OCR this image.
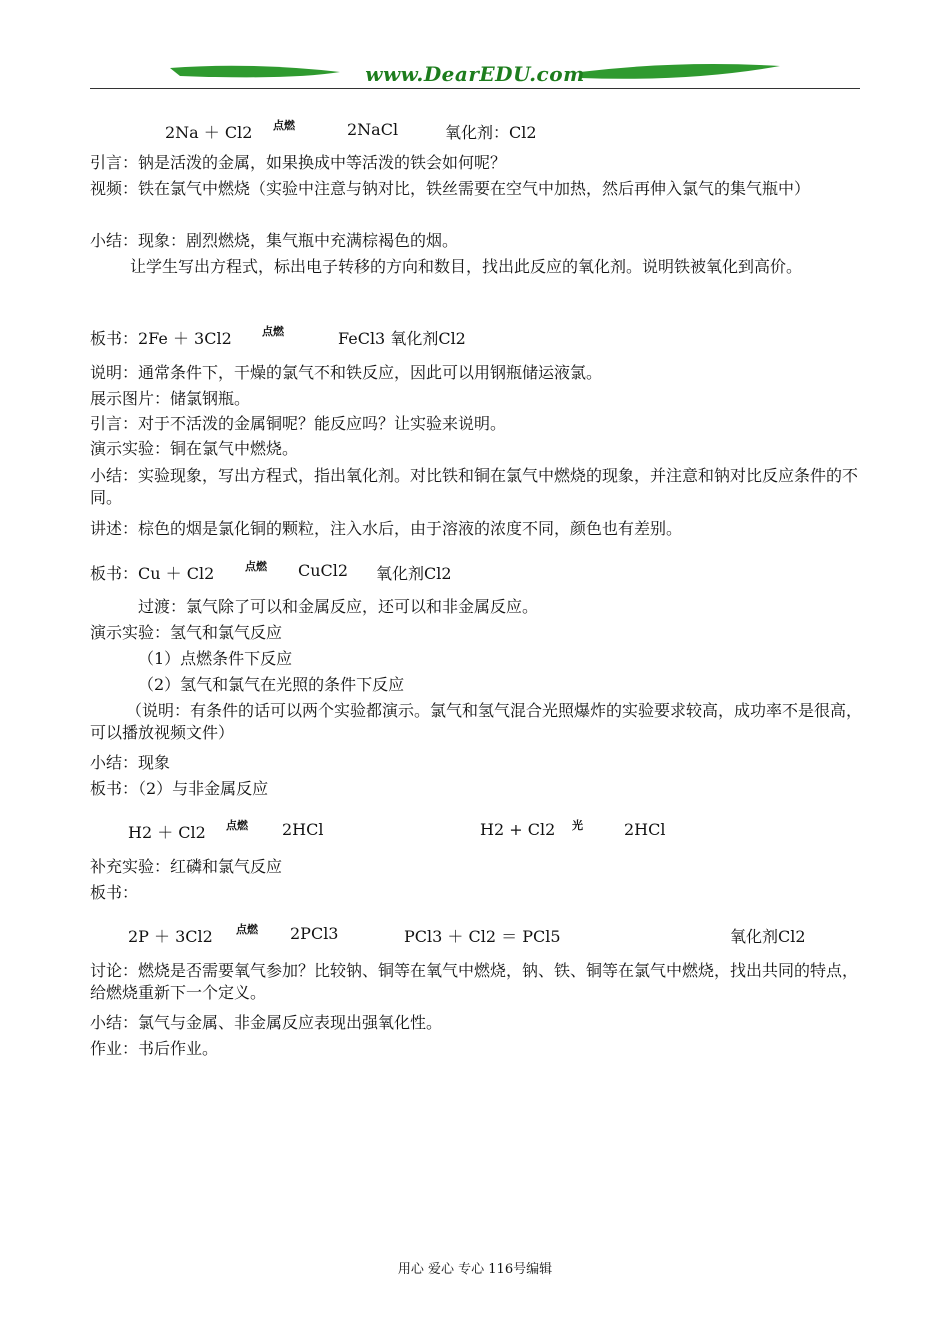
www.DearEDU.com
2Na ＋ Cl2 点燃	2NaCl	氧化剂：Cl2
引言：钠是活泼的金属，如果换成中等活泼的铁会如何呢？
视频：铁在氯气中燃烧（实验中注意与钠对比，铁丝需要在空气中加热，然后再伸入氯气的集气瓶中）
小结：现象：剧烈燃烧，集气瓶中充满棕褐色的烟。
让学生写出方程式，标出电子转移的方向和数目，找出此反应的氧化剂。说明铁被氧化到高价。
板书：2Fe ＋ 3Cl2	点燃	FeCl3 氧化剂Cl2
说明：通常条件下，干燥的氯气不和铁反应，因此可以用钢瓶储运液氯。
展示图片：储氯钢瓶。
引言：对于不活泼的金属铜呢？能反应吗？让实验来说明。
演示实验：铜在氯气中燃烧。
小结：实验现象，写出方程式，指出氧化剂。对比铁和铜在氯气中燃烧的现象，并注意和钠对比反应条件的不同。
讲述：棕色的烟是氯化铜的颗粒，注入水后，由于溶液的浓度不同，颜色也有差别。
板书：Cu ＋ Cl2	点燃 CuCl2 氧化剂Cl2
过渡：氯气除了可以和金属反应，还可以和非金属反应。
演示实验：氢气和氯气反应
（1）点燃条件下反应
（2）氢气和氯气在光照的条件下反应
（说明：有条件的话可以两个实验都演示。氯气和氢气混合光照爆炸的实验要求较高，成功率不是很高，可以播放视频文件）
小结：现象
板书：（2）与非金属反应
H2 ＋ Cl2 点燃 2HCl	H2 + Cl2 光	2HCl
补充实验：红磷和氯气反应
板书：
2P ＋ 3Cl2 点燃 2PCl3	PCl3 ＋ Cl2 ＝ PCl5	氧化剂Cl2
讨论：燃烧是否需要氧气参加？比较钠、铜等在氧气中燃烧，钠、铁、铜等在氯气中燃烧，找出共同的特点，给燃烧重新下一个定义。
小结：氯气与金属、非金属反应表现出强氧化性。
作业：书后作业。
用心 爱心 专心 116号编辑
